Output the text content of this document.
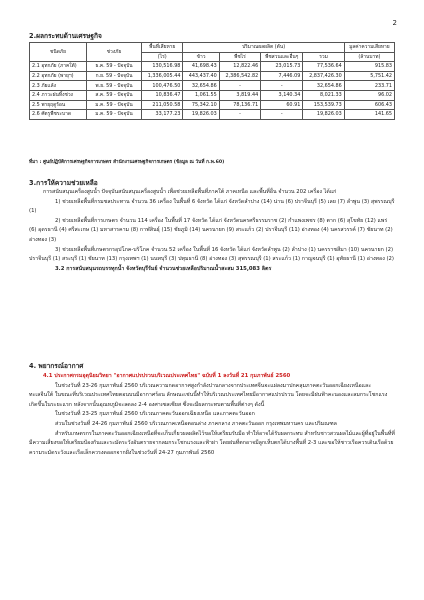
2
2.ผลกระทบด้านเศรษฐกิจ
ชนิดภัย	ช่วงภัย	พื้นที่เสียหาย	ปริมาณผลผลิต (ตัน)				มูลค่าความเสียหาย
		(ไร่)	ข้าว	พืชไร่	พืชสวนและอื่นๆ	รวม	(ล้านบาท)
2.1 อุทกภัย (ภาคใต้)	ธ.ค. 59 - ปัจจุบัน	130,516.98	41,698.43	12,822.46	23,015.73	77,536.64	915.83
2.2 อุทกภัย (พายุฯ)	ก.ย. 59 - ปัจจุบัน	1,336,005.44	443,437.40	2,386,542.82	7,446.09	2,837,426.30	5,751.42
2.3 ภัยแล้ง	พ.ย. 59 - ปัจจุบัน	100,476.50	32,654.86	-	-	32,654.86	233.71
2.4 ภาวะฝนทิ้งช่วง	ส.ค. 59 - ปัจจุบัน	10,836.47	1,061.55	3,819.44	3,140.34	8,021.33	96.02
2.5 พายุฤดูร้อน	ม.ค. 59 - ปัจจุบัน	211,050.58	75,342.10	78,136.71	60.91	153,539.73	606.43
2.6 ศัตรูพืชระบาด	ม.ค. 59 - ปัจจุบัน	33,177.23	19,826.03	-	-	19,826.03	141.65
ที่มา : ศูนย์ปฏิบัติการเศรษฐกิจการเกษตร สำนักงานเศรษฐกิจการเกษตร (ข้อมูล ณ วันที่ ก.พ.60)
3.การให้ความช่วยเหลือ

การสนับสนุนเครื่องสูบน้ำ ปัจจุบันสนับสนุนเครื่องสูบน้ำ เพื่อช่วยเหลือพื้นที่ภาคใต้ ภาคเหนือ และพื้นที่อื่น จำนวน 202 เครื่อง ได้แก่

1) ช่วยเหลือพื้นที่กรมชลประทาน จำนวน 36 เครื่อง ในพื้นที่ 6 จังหวัด ได้แก่ จังหวัดลำปาง (14) น่าน (6) ปราจีนบุรี (5) เลย (7) ลำพูน (3) สุพรรณบุรี (1)

2) ช่วยเหลือพื้นที่การเกษตร จำนวน 114 เครื่อง ในพื้นที่ 17 จังหวัด ได้แก่ จังหวัดนครศรีธรรมราช (2) กำแพงเพชร (8) ตาก (6) สุโขทัย (12) แพร่ (6) อุดรธานี (4) ศรีสะเกษ (1) มหาสารคาม (8) กาฬสินธุ์ (15) ชัยภูมิ (14) นครนายก (9) สระแก้ว (2) ปราจีนบุรี (11) อ่างทอง (4) นครสวรรค์ (7) ชัยนาท (2) อ่างทอง (3)

3) ช่วยเหลือพื้นที่เกษตรกรอุปโภค-บริโภค จำนวน 52 เครื่อง ในพื้นที่ 16 จังหวัด ได้แก่ จังหวัดลำพูน (2) ลำปาง (1) นครราชสีมา (10) นครนายก (2) ปราจีนบุรี (1) สระบุรี (1) ชัยนาท (13) กรุงเทพฯ (1) นนทบุรี (3) ปทุมธานี (8) อ่างทอง (3) สุพรรณบุรี (1) สระแก้ว (1) กาญจนบุรี (1) อุทัยธานี (1) อ่างทอง (2)

3.2 การสนับสนุนรถบรรทุกน้ำ จังหวัดบุรีรัมย์ จำนวนช่วยเหลือปริมาณน้ำสะสม 315,083 ลิตร

4. พยากรณ์อากาศ

4.1 ประกาศกรมอุตุนิยมวิทยา "อากาศแปรปรวนบริเวณประเทศไทย" ฉบับที่ 1 ลงวันที่ 21 กุมภาพันธ์ 2560

ในช่วงวันที่ 23-26 กุมภาพันธ์ 2560 บริเวณความกดอากาศสูงกำลังปานกลางจากประเทศจีนจะแผ่ลงมาปกคลุมภาคตะวันออกเฉียงเหนือและทะเลจีนใต้ ในขณะที่บริเวณประเทศไทยตอนบนมีอากาศร้อน ลักษณะเช่นนี้ทำให้บริเวณประเทศไทยมีอากาศแปรปรวน โดยจะมีฝนฟ้าคะนองและลมกระโชกแรงเกิดขึ้นในระยะแรก หลังจากนั้นอุณหภูมิจะลดลง 2-4 องศาเซลเซียส ซึ่งจะมีผลกระทบตามพื้นที่ต่างๆ ดังนี้

ในช่วงวันที่ 23-25 กุมภาพันธ์ 2560 บริเวณภาคตะวันออกเฉียงเหนือ และภาคตะวันออก

ส่วนในช่วงวันที่ 24-26 กุมภาพันธ์ 2560 บริเวณภาคเหนือตอนล่าง ภาคกลาง ภาคตะวันออก กรุงเทพมหานคร และปริมณฑล

สำหรับเกษตรกรในภาคตะวันออกเฉียงเหนือที่จะเก็บเกี่ยวผลผลิตไว้ขอให้เตรียมรับมือ ทำให้อาจได้รับผลกระทบ สำหรับชาวสวนผลไม้และผู้ที่อยู่ในพื้นที่ที่มีความเสี่ยงขอให้เตรียมป้องกันและระมัดระวังอันตรายจากลมกระโชกแรงและฟ้าผ่า โดยฝนที่ตกอาจมีลูกเห็บตกได้บางพื้นที่ 2-3 และขอให้ชาวเรือควรเดินเรือด้วยความระมัดระวังและเรือเล็กควรงดออกจากฝั่งในช่วงวันที่ 24-27 กุมภาพันธ์ 2560
